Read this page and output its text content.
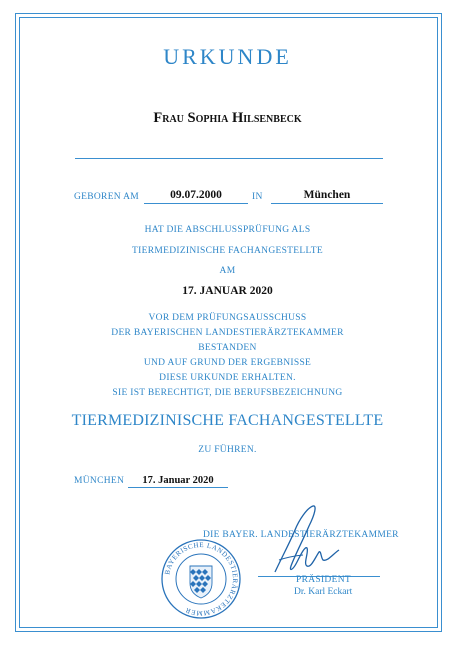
URKUNDE
Frau Sophia Hilsenbeck
GEBOREN AM	09.07.2000	IN	München
HAT DIE ABSCHLUSSPRÜFUNG ALS
TIERMEDIZINISCHE FACHANGESTELLTE
AM
17. JANUAR 2020
VOR DEM PRÜFUNGSAUSSCHUSS
DER BAYERISCHEN LANDESTIERÄRZTEKAMMER
BESTANDEN
UND AUF GRUND DER ERGEBNISSE
DIESE URKUNDE ERHALTEN.
SIE IST BERECHTIGT, DIE BERUFSBEZEICHNUNG
TIERMEDIZINISCHE FACHANGESTELLTE
ZU FÜHREN.
MÜNCHEN	17. Januar 2020
DIE BAYER. LANDESTIERÄRZTEKAMMER
PRÄSIDENT
Dr. Karl Eckart
BAYERISCHE LANDESTIERÄRZTEKAMMER
